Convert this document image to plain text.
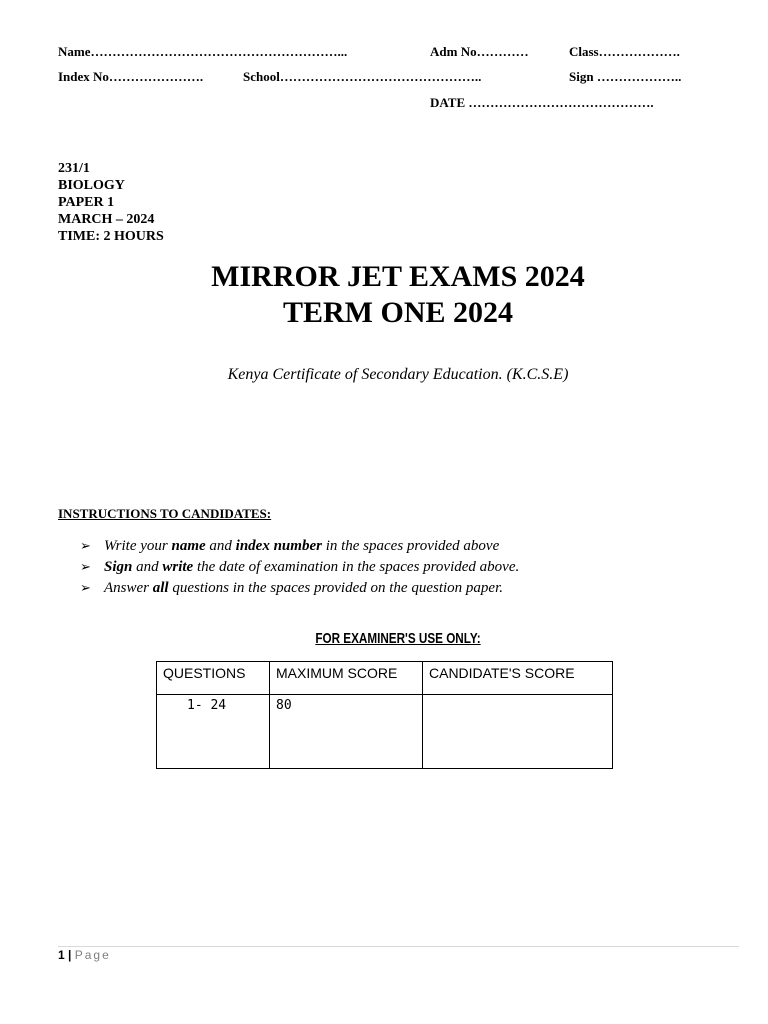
Name…………………………………………………...	Adm No…………	Class……………….
Index No………………….	School………………………………………..	Sign ………………..
DATE …………………………………….
231/1
BIOLOGY
PAPER 1
MARCH – 2024
TIME: 2 HOURS
MIRROR JET EXAMS 2024
TERM ONE 2024
Kenya Certificate of Secondary Education. (K.C.S.E)
INSTRUCTIONS TO CANDIDATES:
➢ Write your name and index number in the spaces provided above
➢ Sign and write the date of examination in the spaces provided above.
➢ Answer all questions in the spaces provided on the question paper.
FOR EXAMINER'S USE ONLY:
QUESTIONS	MAXIMUM SCORE	CANDIDATE'S SCORE
1- 24	80	
1 | Page
